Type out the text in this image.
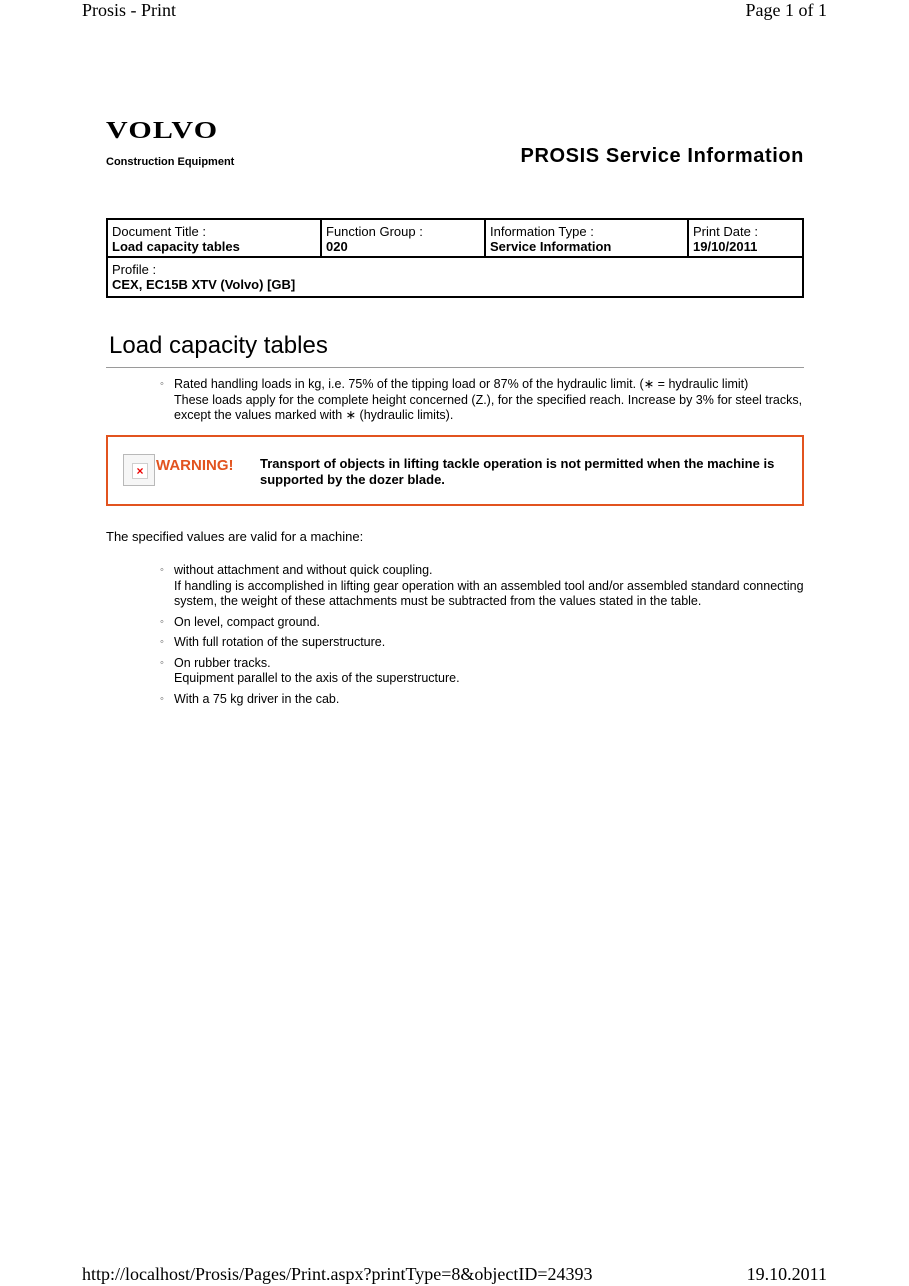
Prosis - Print	Page 1 of 1
VOLVO
Construction Equipment	PROSIS Service Information
Document Title :
Load capacity tables

Function Group :
020

Information Type :
Service Information

Print Date :
19/10/2011

Profile :
CEX, EC15B XTV (Volvo) [GB]
Load capacity tables
◦ Rated handling loads in kg, i.e. 75% of the tipping load or 87% of the hydraulic limit. (∗ = hydraulic limit)
These loads apply for the complete height concerned (Z.), for the specified reach. Increase by 3% for steel tracks, except the values marked with ∗ (hydraulic limits).
× WARNING! Transport of objects in lifting tackle operation is not permitted when the machine is supported by the dozer blade.
The specified values are valid for a machine:
◦ without attachment and without quick coupling.
If handling is accomplished in lifting gear operation with an assembled tool and/or assembled standard connecting system, the weight of these attachments must be subtracted from the values stated in the table.
◦ On level, compact ground.
◦ With full rotation of the superstructure.
◦ On rubber tracks.
Equipment parallel to the axis of the superstructure.
◦ With a 75 kg driver in the cab.
http://localhost/Prosis/Pages/Print.aspx?printType=8&objectID=24393	19.10.2011
